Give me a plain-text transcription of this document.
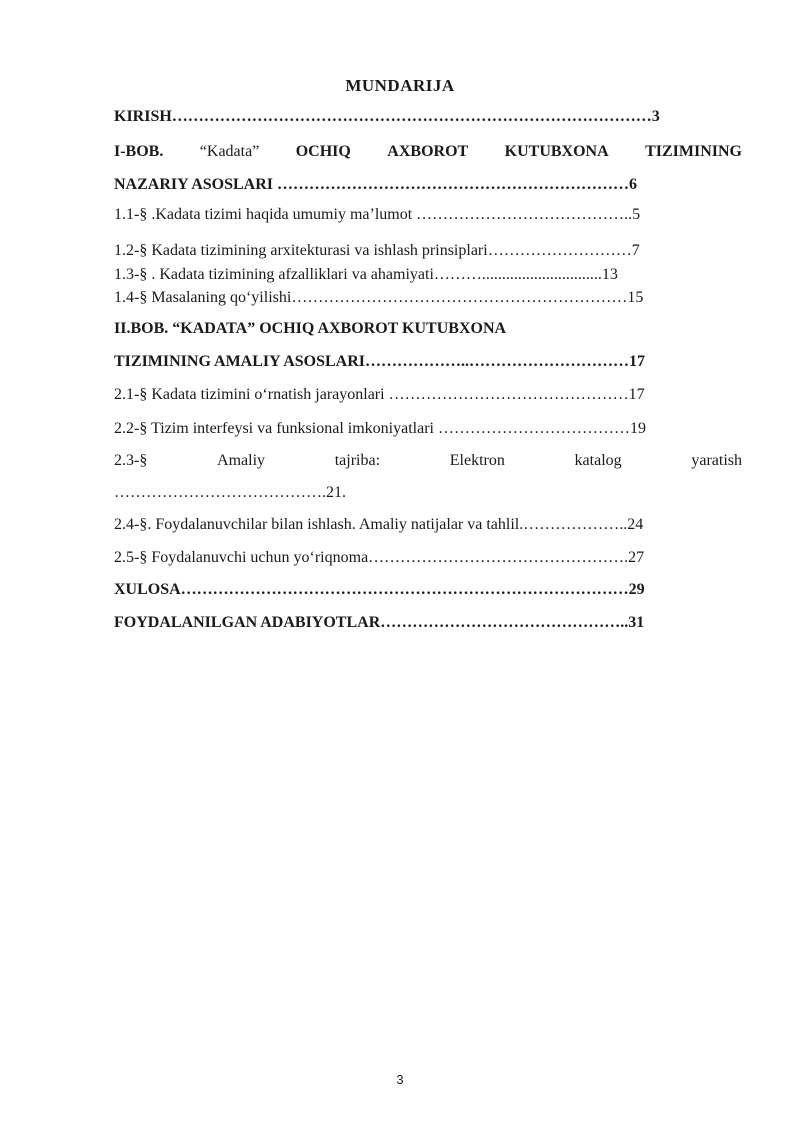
MUNDARIJA
KIRISH………………………………………………………………………………3
I-BOB. “Kadata” OCHIQ AXBOROT KUTUBXONA TIZIMINING
NAZARIY ASOSLARI …………………………………………………………6
1.1-§ .Kadata tizimi haqida umumiy ma’lumot …………………………………..5
1.2-§ Kadata tizimining arxitekturasi va ishlash prinsiplari………………………7
1.3-§ . Kadata tizimining afzalliklari va ahamiyati………..............................13
1.4-§ Masalaning qo‘yilishi………………………………………………………15
II.BOB. “KADATA” OCHIQ AXBOROT KUTUBXONA
TIZIMINING AMALIY ASOSLARI………………..…………………………17
2.1-§ Kadata tizimini o‘rnatish jarayonlari ………………………………………17
2.2-§ Tizim interfeysi va funksional imkoniyatlari ………………………………19
2.3-§	Amaliy	tajriba:	Elektron	katalog	yaratish
………………………………….21.
2.4-§. Foydalanuvchilar bilan ishlash. Amaliy natijalar va tahlil.………………..24
2.5-§ Foydalanuvchi uchun yo‘riqnoma………………………………………….27
XULOSA…………………………………………………………………………29
FOYDALANILGAN ADABIYOTLAR………………………………………..31
3
